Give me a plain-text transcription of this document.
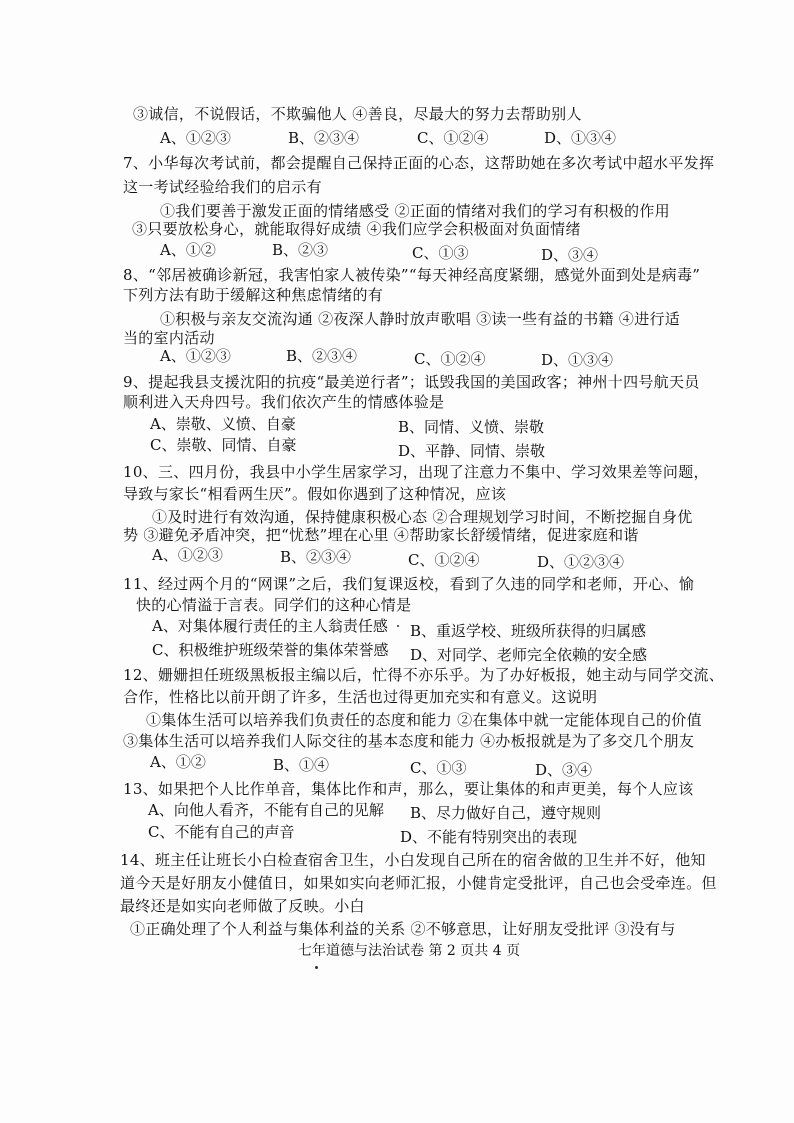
③诚信，不说假话，不欺骗他人 ④善良，尽最大的努力去帮助别人
A、①②③	B、②③④	C、①②④	D、①③④
7、小华每次考试前，都会提醒自己保持正面的心态，这帮助她在多次考试中超水平发挥
这一考试经验给我们的启示有
①我们要善于激发正面的情绪感受 ②正面的情绪对我们的学习有积极的作用
③只要放松身心，就能取得好成绩 ④我们应学会积极面对负面情绪
A、①②	B、②③	C、①③	D、③④
8、“邻居被确诊新冠，我害怕家人被传染”“每天神经高度紧绷，感觉外面到处是病毒”
下列方法有助于缓解这种焦虑情绪的有
①积极与亲友交流沟通 ②夜深人静时放声歌唱 ③读一些有益的书籍 ④进行适
当的室内活动
A、①②③	B、②③④	C、①②④	D、①③④
9、提起我县支援沈阳的抗疫“最美逆行者”；诋毁我国的美国政客；神州十四号航天员
顺利进入天舟四号。我们依次产生的情感体验是
A、崇敬、义愤、自豪	B、同情、义愤、崇敬
C、崇敬、同情、自豪	D、平静、同情、崇敬
10、三、四月份，我县中小学生居家学习，出现了注意力不集中、学习效果差等问题，
导致与家长“相看两生厌”。假如你遇到了这种情况，应该
①及时进行有效沟通，保持健康积极心态 ②合理规划学习时间，不断挖掘自身优
势 ③避免矛盾冲突，把“忧愁”埋在心里 ④帮助家长舒缓情绪，促进家庭和谐
A、①②③	B、②③④	C、①②④	D、①②③④
11、经过两个月的“网课”之后，我们复课返校，看到了久违的同学和老师，开心、愉
快的心情溢于言表。同学们的这种心情是
A、对集体履行责任的主人翁责任感 B、重返学校、班级所获得的归属感
C、积极维护班级荣誉的集体荣誉感 D、对同学、老师完全依赖的安全感
12、姗姗担任班级黑板报主编以后，忙得不亦乐乎。为了办好板报，她主动与同学交流、
合作，性格比以前开朗了许多，生活也过得更加充实和有意义。这说明
①集体生活可以培养我们负责任的态度和能力 ②在集体中就一定能体现自己的价值
③集体生活可以培养我们人际交往的基本态度和能力 ④办板报就是为了多交几个朋友
A、①②	B、①④	C、①③	D、③④
13、如果把个人比作单音，集体比作和声，那么，要让集体的和声更美，每个人应该
A、向他人看齐，不能有自己的见解 B、尽力做好自己，遵守规则
C、不能有自己的声音	D、不能有特别突出的表现
14、班主任让班长小白检查宿舍卫生，小白发现自己所在的宿舍做的卫生并不好，他知
道今天是好朋友小健值日，如果如实向老师汇报，小健肯定受批评，自己也会受牵连。但
最终还是如实向老师做了反映。小白
①正确处理了个人利益与集体利益的关系 ②不够意思，让好朋友受批评 ③没有与
七年道德与法治试卷 第 2 页共 4 页
